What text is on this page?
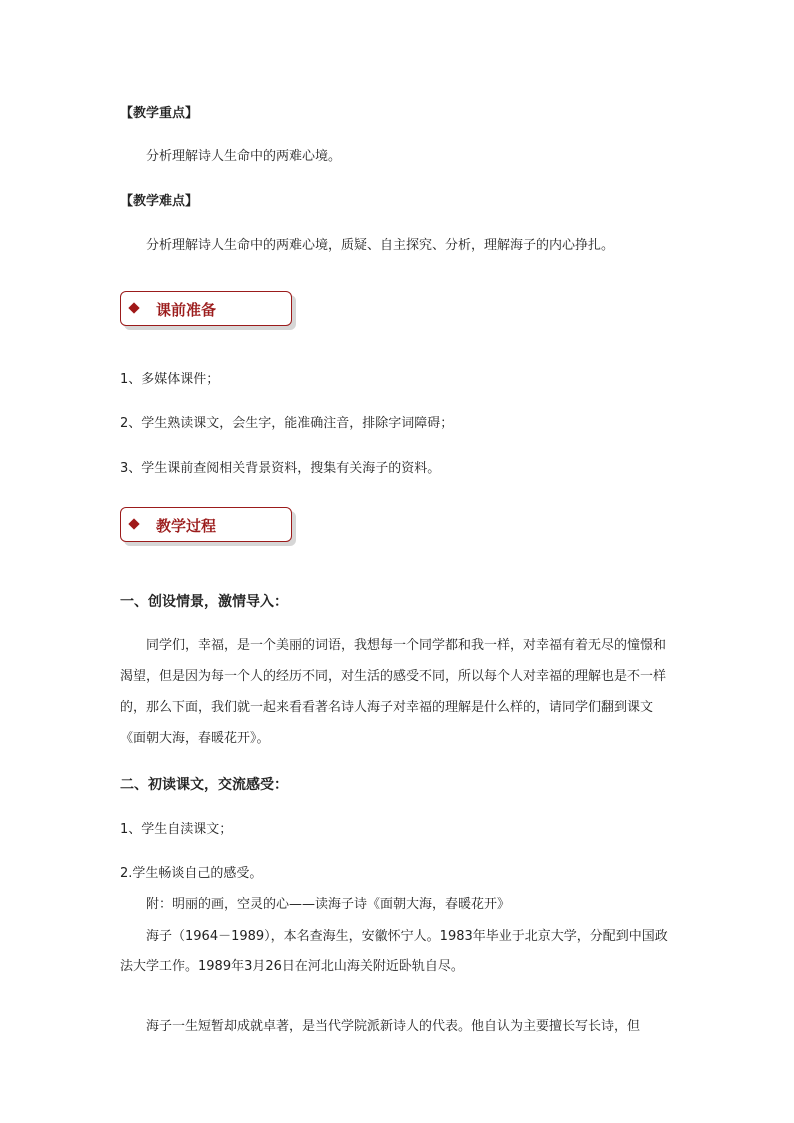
【教学重点】
分析理解诗人生命中的两难心境。
【教学难点】
分析理解诗人生命中的两难心境，质疑、自主探究、分析，理解海子的内心挣扎。
课前准备
1、多媒体课件；
2、学生熟读课文，会生字，能准确注音，排除字词障碍；
3、学生课前查阅相关背景资料，搜集有关海子的资料。
教学过程
一、创设情景，激情导入：

同学们，幸福，是一个美丽的词语，我想每一个同学都和我一样，对幸福有着无尽的憧憬和渴望，但是因为每一个人的经历不同，对生活的感受不同，所以每个人对幸福的理解也是不一样的，那么下面，我们就一起来看看著名诗人海子对幸福的理解是什么样的，请同学们翻到课文《面朝大海，春暖花开》。

二、初读课文，交流感受：
1、学生自渎课文；
2.学生畅谈自己的感受。
附：明丽的画，空灵的心——读海子诗《面朝大海，春暖花开》

海子（1964－1989），本名查海生，安徽怀宁人。1983年毕业于北京大学，分配到中国政法大学工作。1989年3月26日在河北山海关附近卧轨自尽。

海子一生短暂却成就卓著，是当代学院派新诗人的代表。他自认为主要擅长写长诗，但
